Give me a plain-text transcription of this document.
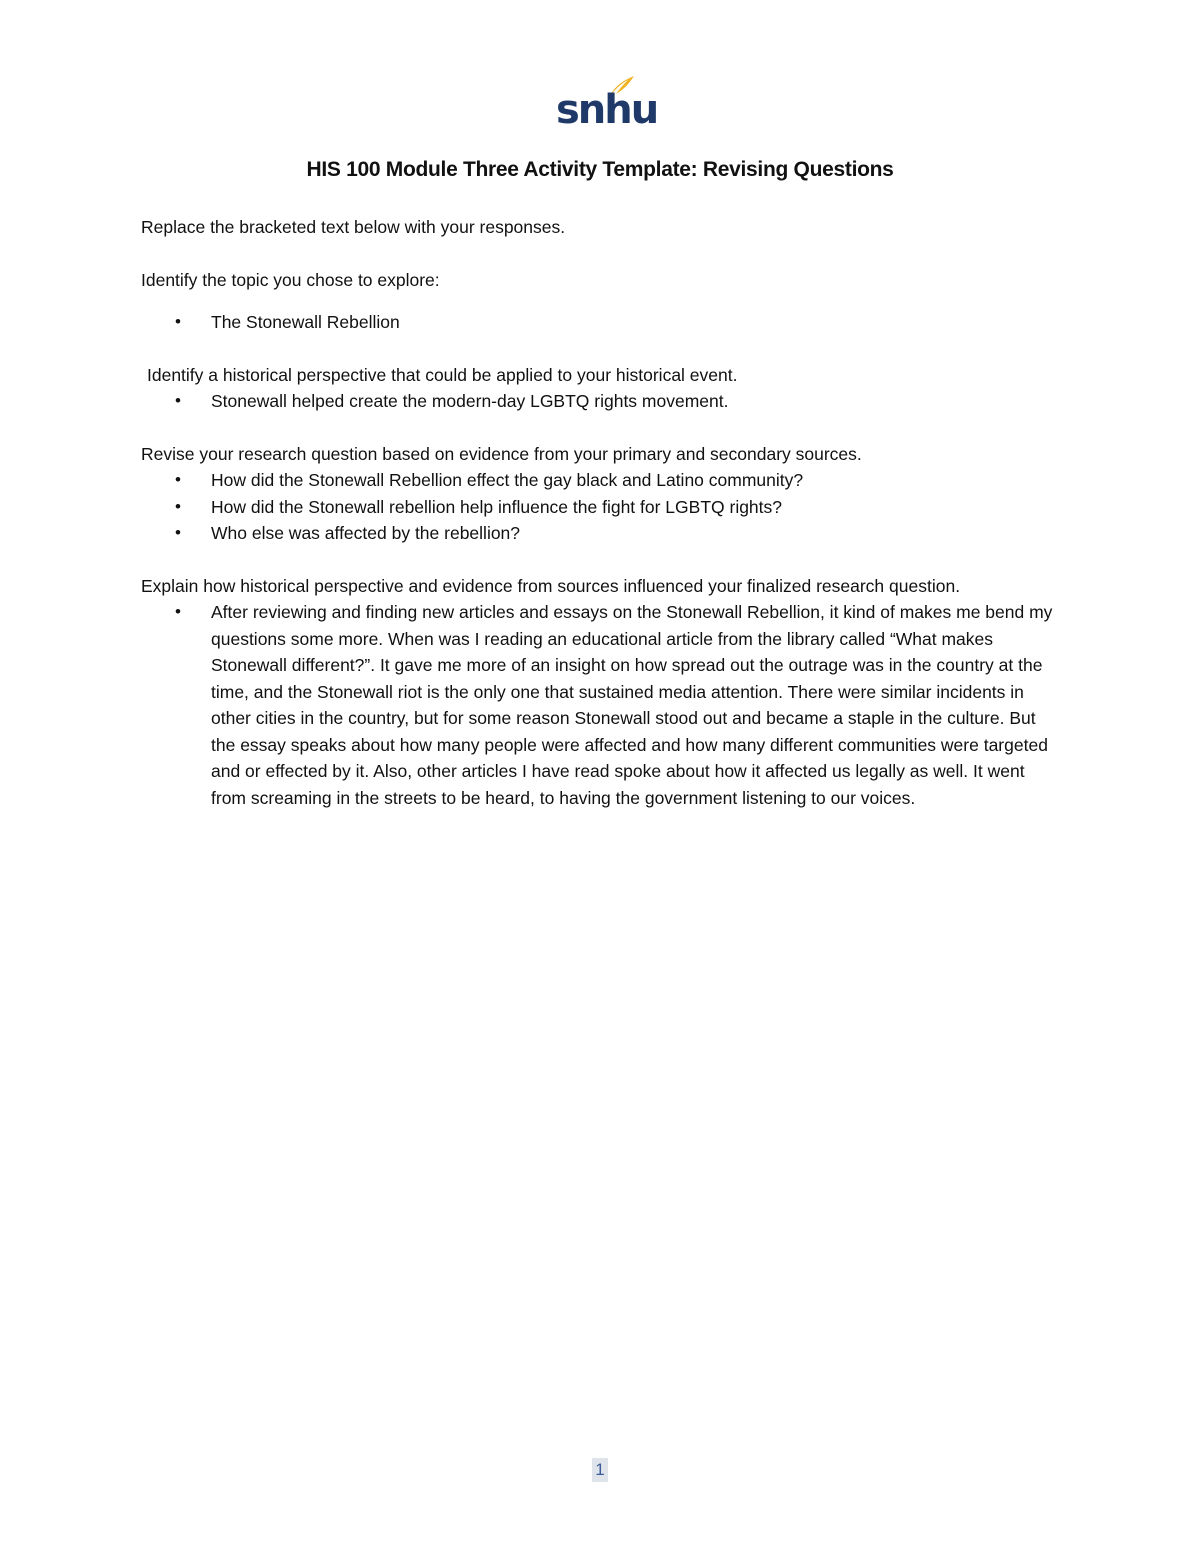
snhu
HIS 100 Module Three Activity Template: Revising Questions

Replace the bracketed text below with your responses.

Identify the topic you chose to explore:

• The Stonewall Rebellion

Identify a historical perspective that could be applied to your historical event.

• Stonewall helped create the modern-day LGBTQ rights movement.

Revise your research question based on evidence from your primary and secondary sources.

• How did the Stonewall Rebellion effect the gay black and Latino community?
• How did the Stonewall rebellion help influence the fight for LGBTQ rights?
• Who else was affected by the rebellion?

Explain how historical perspective and evidence from sources influenced your finalized research question.

• After reviewing and finding new articles and essays on the Stonewall Rebellion, it kind of makes me bend my questions some more. When was I reading an educational article from the library called “What makes Stonewall different?”. It gave me more of an insight on how spread out the outrage was in the country at the time, and the Stonewall riot is the only one that sustained media attention. There were similar incidents in other cities in the country, but for some reason Stonewall stood out and became a staple in the culture. But the essay speaks about how many people were affected and how many different communities were targeted and or effected by it. Also, other articles I have read spoke about how it affected us legally as well. It went from screaming in the streets to be heard, to having the government listening to our voices.
1
